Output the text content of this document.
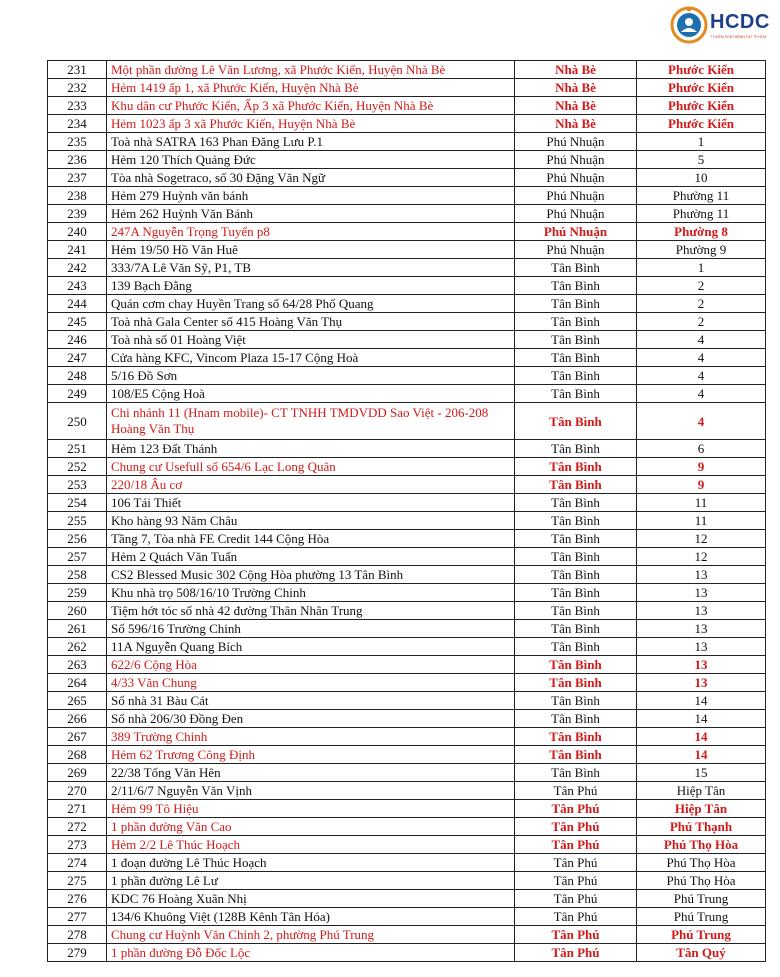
HCDC
TT KIỂM SOÁT BỆNH TẬT TP.HCM
231	Một phần đường Lê Văn Lương, xã Phước Kiển, Huyện Nhà Bè	Nhà Bè	Phước Kiển
232	Hẻm 1419 ấp 1, xã Phước Kiển, Huyện Nhà Bè	Nhà Bè	Phước Kiển
233	Khu dân cư Phước Kiển, Ấp 3 xã Phước Kiển, Huyện Nhà Bè	Nhà Bè	Phước Kiển
234	Hẻm 1023 ấp 3 xã Phước Kiển, Huyện Nhà Bè	Nhà Bè	Phước Kiển
235	Toà nhà SATRA 163 Phan Đăng Lưu P.1	Phú Nhuận	1
236	Hẻm 120 Thích Quảng Đức	Phú Nhuận	5
237	Tòa nhà Sogetraco, số 30 Đặng Văn Ngữ	Phú Nhuận	10
238	Hẻm 279 Huỳnh văn bánh	Phú Nhuận	Phường 11
239	Hẻm 262 Huỳnh Văn Bánh	Phú Nhuận	Phường 11
240	247A Nguyễn Trọng Tuyển p8	Phú Nhuận	Phường 8
241	Hẻm 19/50 Hồ Văn Huê	Phú Nhuận	Phường 9
242	333/7A Lê Văn Sỹ, P1, TB	Tân Bình	1
243	139 Bạch Đằng	Tân Bình	2
244	Quán cơm chay Huyền Trang số 64/28 Phổ Quang	Tân Bình	2
245	Toà nhà Gala Center số 415 Hoàng Văn Thụ	Tân Bình	2
246	Toà nhà số 01 Hoàng Việt	Tân Bình	4
247	Cửa hàng KFC, Vincom Plaza 15-17 Cộng Hoà	Tân Bình	4
248	5/16 Đồ Sơn	Tân Bình	4
249	108/E5 Cộng Hoà	Tân Bình	4
250	Chi nhánh 11 (Hnam mobile)- CT TNHH TMDVDD Sao Việt - 206-208 Hoàng Văn Thụ	Tân Bình	4
251	Hẻm 123 Đất Thánh	Tân Bình	6
252	Chung cư Usefull số 654/6 Lạc Long Quân	Tân Bình	9
253	220/18 Âu cơ	Tân Bình	9
254	106 Tái Thiết	Tân Bình	11
255	Kho hàng 93 Năm Châu	Tân Bình	11
256	Tầng 7, Tòa nhà FE Credit 144 Cộng Hòa	Tân Bình	12
257	Hẻm 2 Quách Văn Tuấn	Tân Bình	12
258	CS2 Blessed Music 302 Cộng Hòa phường 13 Tân Bình	Tân Bình	13
259	Khu nhà trọ 508/16/10 Trường Chinh	Tân Bình	13
260	Tiệm hớt tóc số nhà 42 đường Thân Nhân Trung	Tân Bình	13
261	Số 596/16 Trường Chinh	Tân Bình	13
262	11A Nguyễn Quang Bích	Tân Bình	13
263	622/6 Cộng Hòa	Tân Bình	13
264	4/33 Văn Chung	Tân Bình	13
265	Số nhà 31 Bàu Cát	Tân Bình	14
266	Số nhà 206/30 Đồng Đen	Tân Bình	14
267	389 Trường Chinh	Tân Bình	14
268	Hẻm 62 Trương Công Định	Tân Bình	14
269	22/38 Tống Văn Hên	Tân Bình	15
270	2/11/6/7 Nguyễn Văn Vịnh	Tân Phú	Hiệp Tân
271	Hẻm 99 Tô Hiệu	Tân Phú	Hiệp Tân
272	1 phần đường Văn Cao	Tân Phú	Phú Thạnh
273	Hẻm 2/2 Lê Thúc Hoạch	Tân Phú	Phú Thọ Hòa
274	1 đoạn đường Lê Thúc Hoạch	Tân Phú	Phú Thọ Hòa
275	1 phần đường Lê Lư	Tân Phú	Phú Thọ Hòa
276	KDC 76 Hoàng Xuân Nhị	Tân Phú	Phú Trung
277	134/6 Khuông Việt (128B Kênh Tân Hóa)	Tân Phú	Phú Trung
278	Chung cư Huỳnh Văn Chỉnh 2, phường Phú Trung	Tân Phú	Phú Trung
279	1 phần đường Đỗ Đốc Lộc	Tân Phú	Tân Quý
